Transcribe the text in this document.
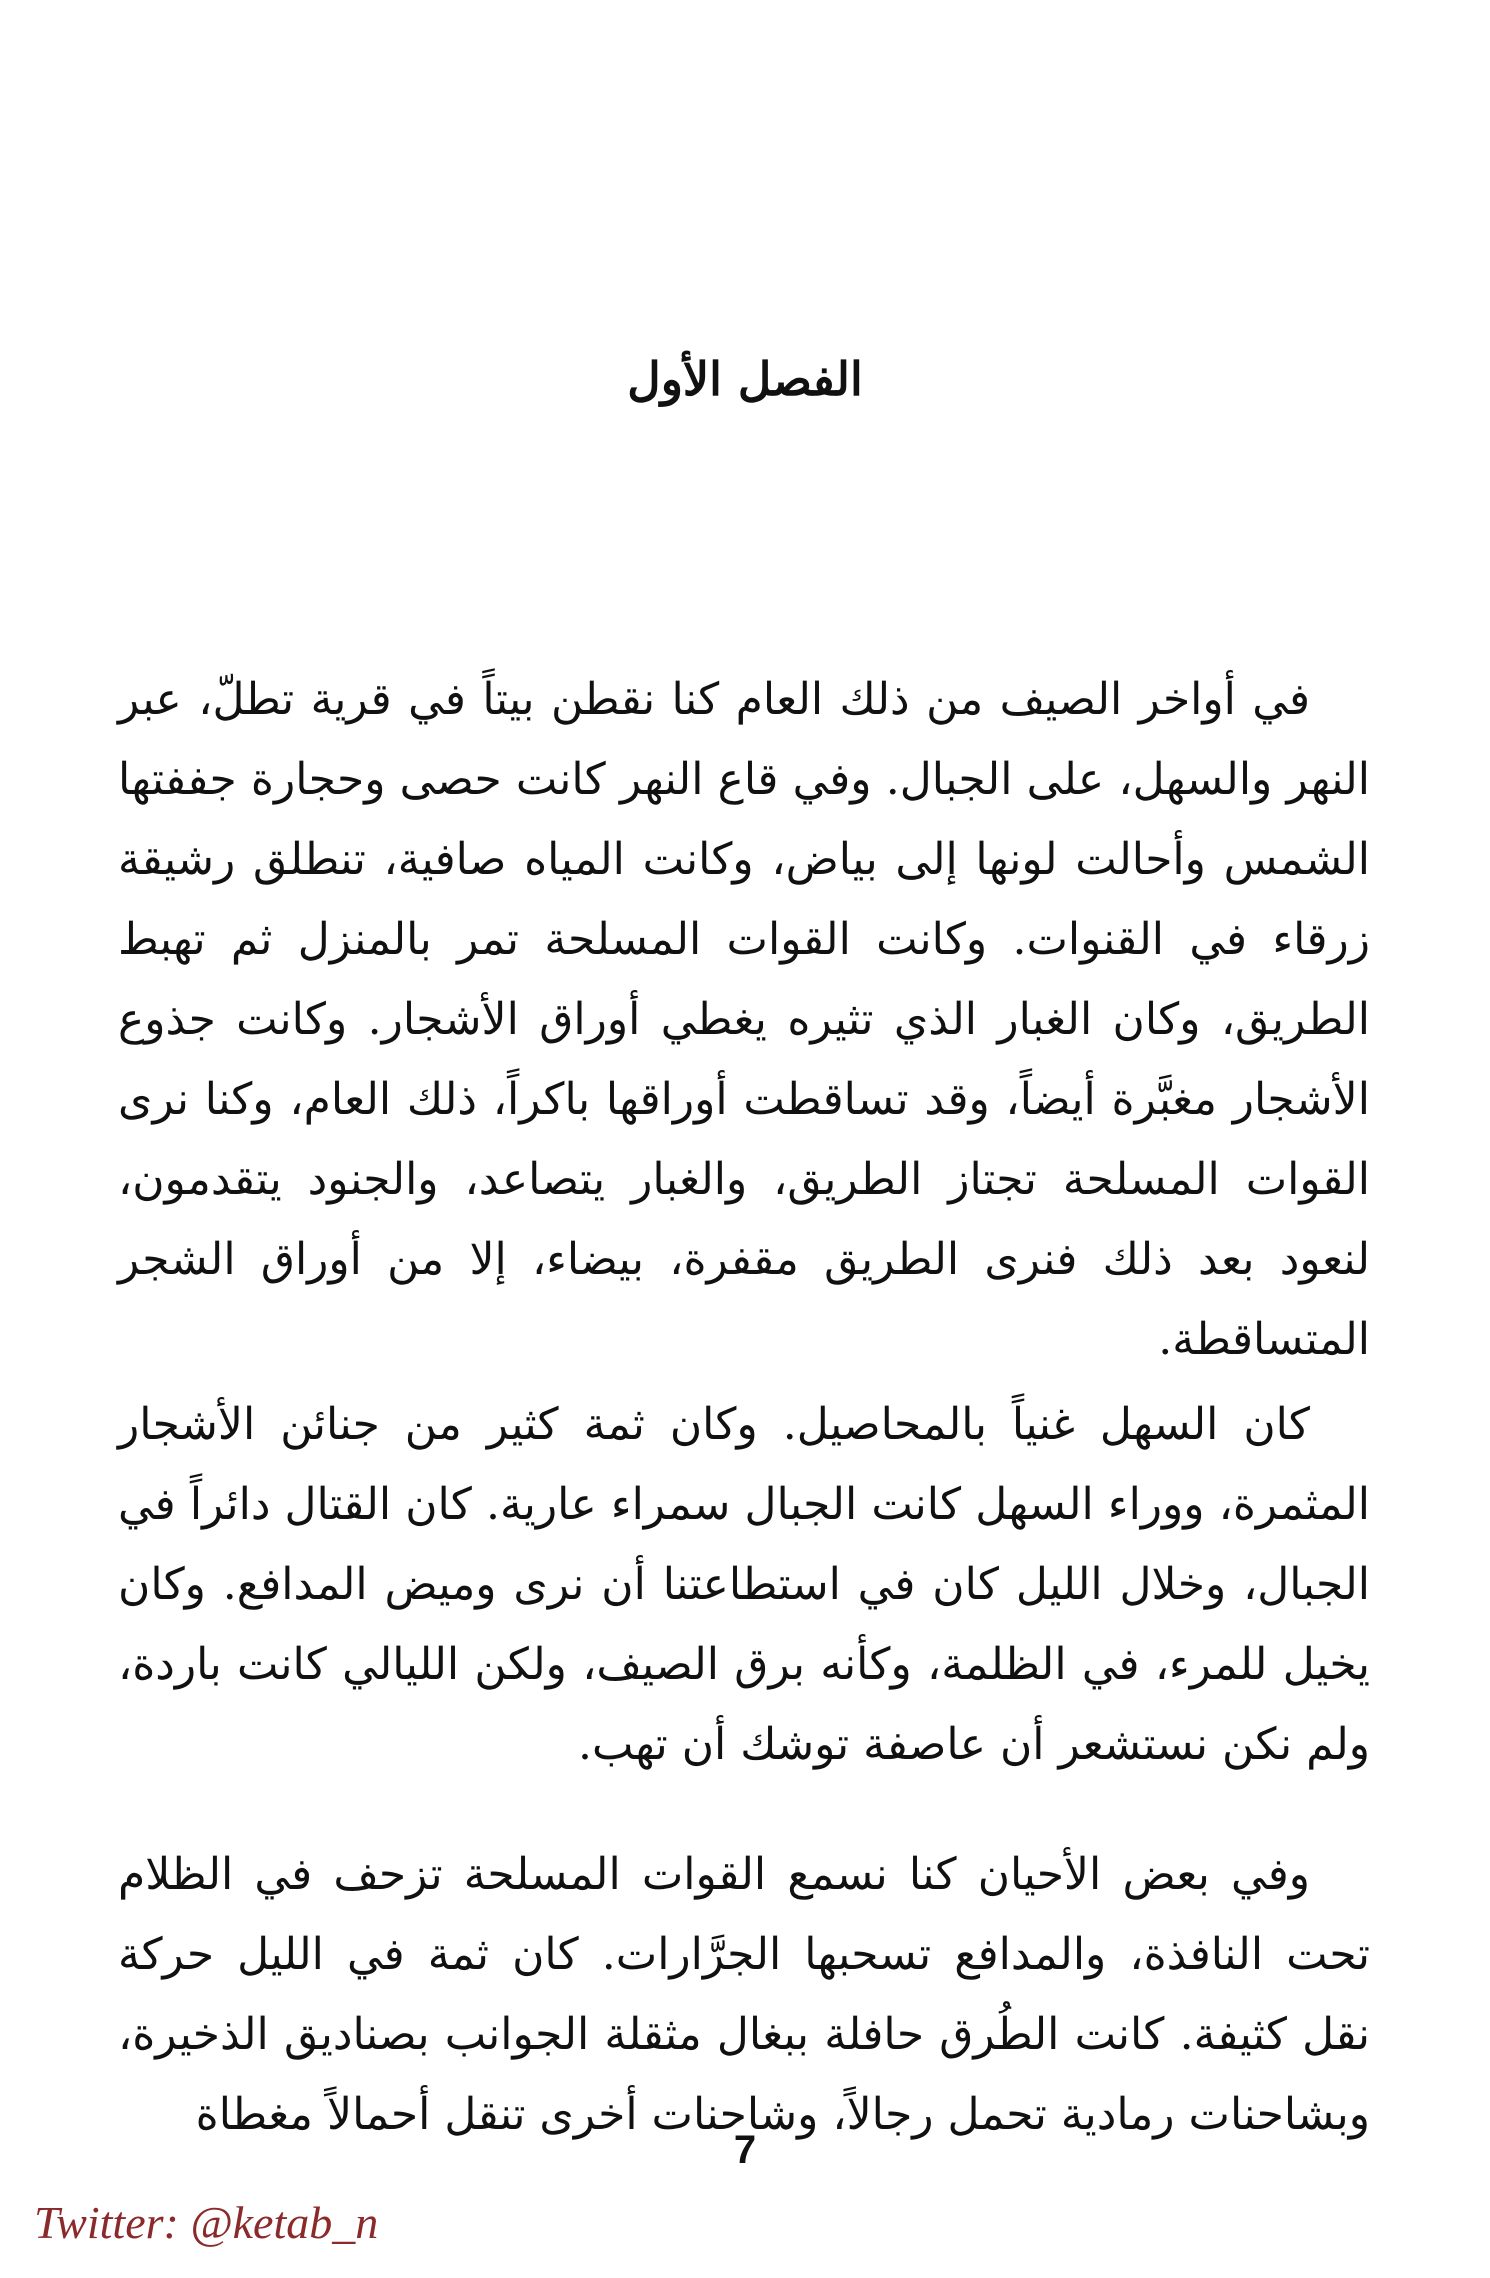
الفصل الأول

في أواخر الصيف من ذلك العام كنا نقطن بيتاً في قرية تطلّ، عبر النهر والسهل، على الجبال. وفي قاع النهر كانت حصى وحجارة جففتها الشمس وأحالت لونها إلى بياض، وكانت المياه صافية، تنطلق رشيقة زرقاء في القنوات. وكانت القوات المسلحة تمر بالمنزل ثم تهبط الطريق، وكان الغبار الذي تثيره يغطي أوراق الأشجار. وكانت جذوع الأشجار مغبَّرة أيضاً، وقد تساقطت أوراقها باكراً، ذلك العام، وكنا نرى القوات المسلحة تجتاز الطريق، والغبار يتصاعد، والجنود يتقدمون، لنعود بعد ذلك فنرى الطريق مقفرة، بيضاء، إلا من أوراق الشجر المتساقطة.

كان السهل غنياً بالمحاصيل. وكان ثمة كثير من جنائن الأشجار المثمرة، ووراء السهل كانت الجبال سمراء عارية. كان القتال دائراً في الجبال، وخلال الليل كان في استطاعتنا أن نرى وميض المدافع. وكان يخيل للمرء، في الظلمة، وكأنه برق الصيف، ولكن الليالي كانت باردة، ولم نكن نستشعر أن عاصفة توشك أن تهب.

وفي بعض الأحيان كنا نسمع القوات المسلحة تزحف في الظلام تحت النافذة، والمدافع تسحبها الجرَّارات. كان ثمة في الليل حركة نقل كثيفة. كانت الطُرق حافلة ببغال مثقلة الجوانب بصناديق الذخيرة، وبشاحنات رمادية تحمل رجالاً، وشاحنات أخرى تنقل أحمالاً مغطاة

7
Twitter: @ketab_n
